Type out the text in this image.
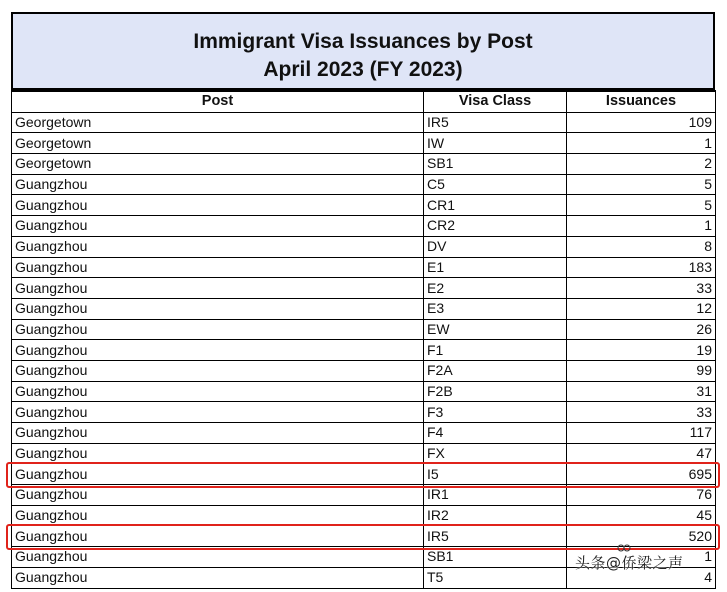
Immigrant Visa Issuances by Post
April 2023 (FY 2023)
Post	Visa Class	Issuances
Georgetown	IR5	109
Georgetown	IW	1
Georgetown	SB1	2
Guangzhou	C5	5
Guangzhou	CR1	5
Guangzhou	CR2	1
Guangzhou	DV	8
Guangzhou	E1	183
Guangzhou	E2	33
Guangzhou	E3	12
Guangzhou	EW	26
Guangzhou	F1	19
Guangzhou	F2A	99
Guangzhou	F2B	31
Guangzhou	F3	33
Guangzhou	F4	117
Guangzhou	FX	47
Guangzhou	I5	695
Guangzhou	IR1	76
Guangzhou	IR2	45
Guangzhou	IR5	520
Guangzhou	SB1	1
Guangzhou	T5	4
头条@侨梁之声
